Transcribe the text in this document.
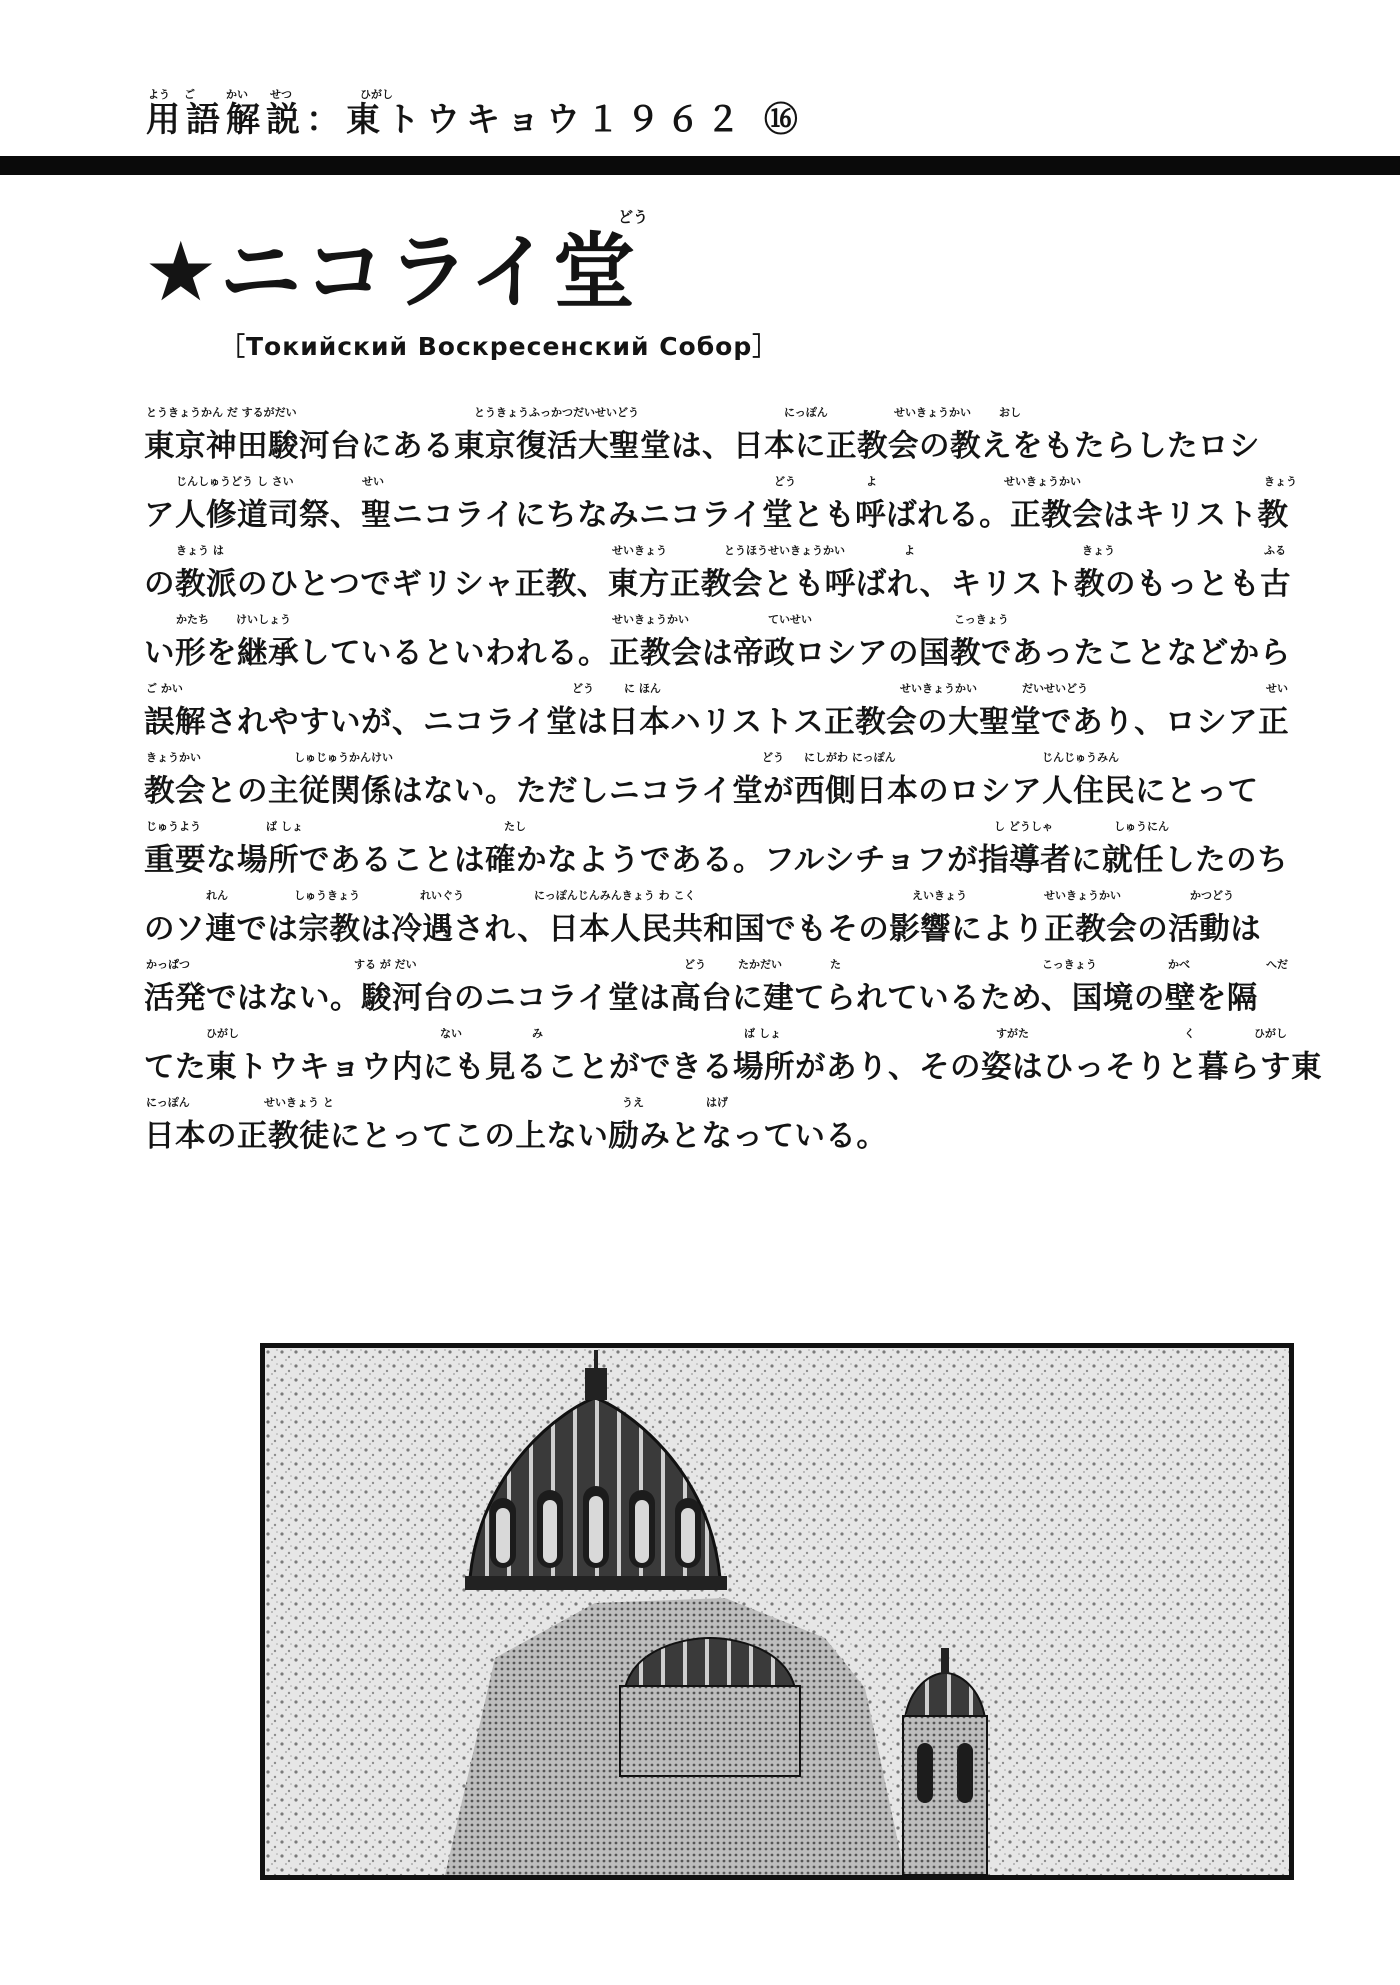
よう ご	かい せつ	ひがし
用語解説：東トウキョウ１９６２ ⑯
どう
★ニコライ堂
［Токийский Воскресенский Собор］
とうきょうかん だ するがだい	とうきょうふっかつだいせいどう	にっぽん	せいきょうかい	おし
東京神田駿河台にある東京復活大聖堂は、日本に正教会の教えをもたらしたロシ
じんしゅうどう し さい	せい	どう	よ	せいきょうかい	きょう
ア人修道司祭、聖ニコライにちなみニコライ堂とも呼ばれる。正教会はキリスト教
きょう は	せいきょう	とうほうせいきょうかい	よ	きょう	ふる
の教派のひとつでギリシャ正教、東方正教会とも呼ばれ、キリスト教のもっとも古
かたち けいしょう	せいきょうかい	ていせい	こっきょう
い形を継承しているといわれる。正教会は帝政ロシアの国教であったことなどから
ご かい	どう	に ほん	せいきょうかい	だいせいどう	せい
誤解されやすいが、ニコライ堂は日本ハリストス正教会の大聖堂であり、ロシア正
きょうかい	しゅじゅうかんけい	どう にしがわ にっぽん	じんじゅうみん
教会との主従関係はない。ただしニコライ堂が西側日本のロシア人住民にとって
じゅうよう	ば しょ	たし	し どうしゃ	しゅうにん
重要な場所であることは確かなようである。フルシチョフが指導者に就任したのち
れん	しゅうきょう	れいぐう	にっぽんじんみんきょう わ こく	えいきょう	せいきょうかい	かつどう
のソ連では宗教は冷遇され、日本人民共和国でもその影響により正教会の活動は
かっぱつ	する が だい	どう	たかだい	た	こっきょう	かべ	へだ
活発ではない。駿河台のニコライ堂は高台に建てられているため、国境の壁を隔
ひがし	ない	み	ば しょ	すがた	く	ひがし
てた東トウキョウ内にも見ることができる場所があり、その姿はひっそりと暮らす東
にっぽん	せいきょう と	うえ	はげ
日本の正教徒にとってこの上ない励みとなっている。
